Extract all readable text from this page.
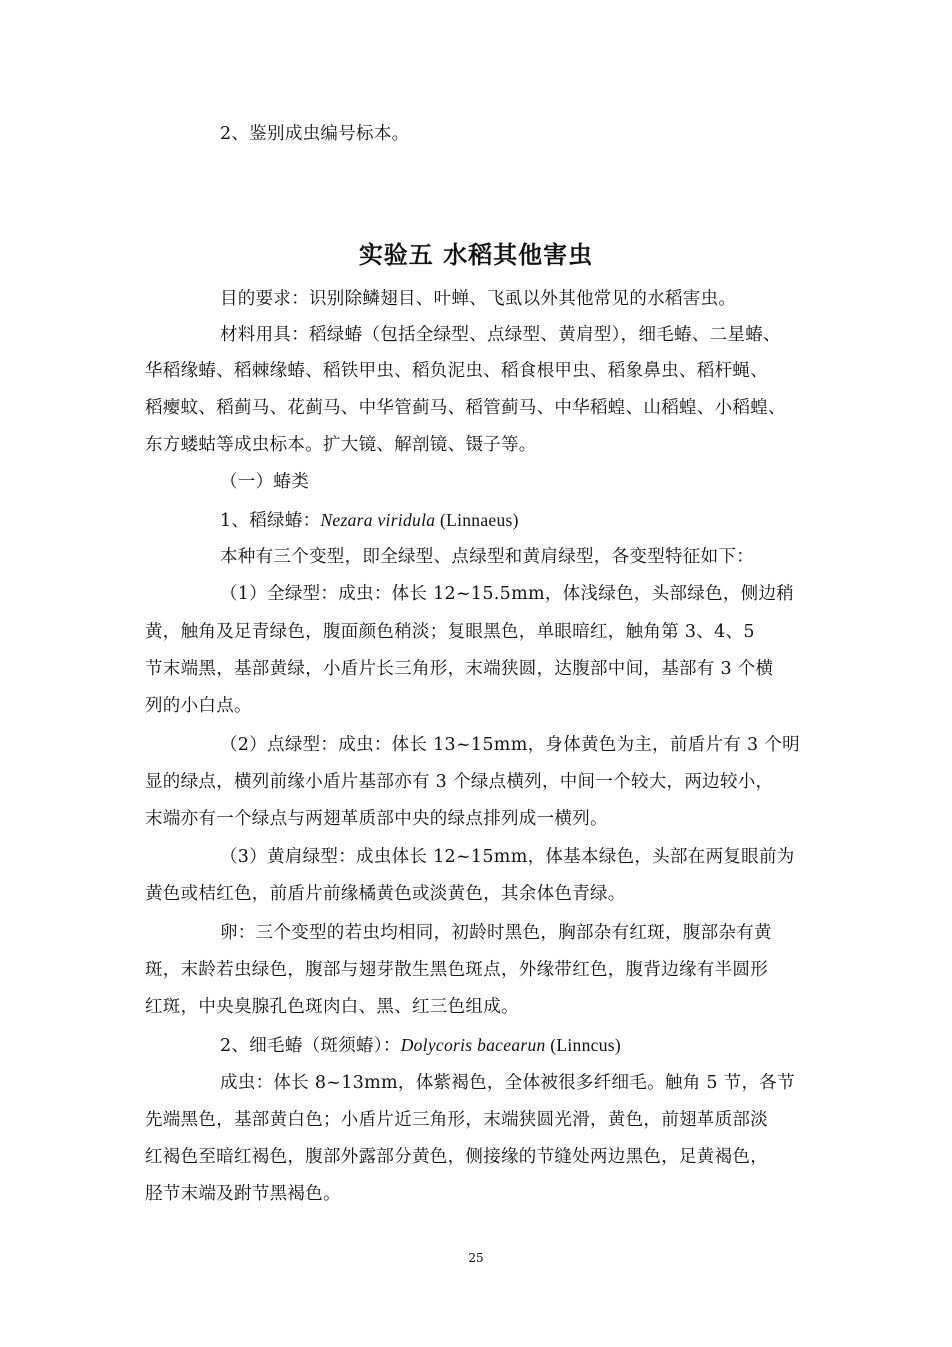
2、鉴别成虫编号标本。
实验五 水稻其他害虫
目的要求：识别除鳞翅目、叶蝉、飞虱以外其他常见的水稻害虫。
材料用具：稻绿蝽（包括全绿型、点绿型、黄肩型），细毛蝽、二星蝽、
华稻缘蝽、稻棘缘蝽、稻铁甲虫、稻负泥虫、稻食根甲虫、稻象鼻虫、稻杆蝇、
稻瘿蚊、稻蓟马、花蓟马、中华管蓟马、稻管蓟马、中华稻蝗、山稻蝗、小稻蝗、
东方蝼蛄等成虫标本。扩大镜、解剖镜、镊子等。
（一）蝽类
1、稻绿蝽：Nezara viridula (Linnaeus)
本种有三个变型，即全绿型、点绿型和黄肩绿型，各变型特征如下：
（1）全绿型：成虫：体长 12~15.5mm，体浅绿色，头部绿色，侧边稍
黄，触角及足青绿色，腹面颜色稍淡；复眼黑色，单眼暗红，触角第 3、4、5
节末端黑，基部黄绿，小盾片长三角形，末端狭圆，达腹部中间，基部有 3 个横
列的小白点。
（2）点绿型：成虫：体长 13~15mm，身体黄色为主，前盾片有 3 个明
显的绿点，横列前缘小盾片基部亦有 3 个绿点横列，中间一个较大，两边较小，
末端亦有一个绿点与两翅革质部中央的绿点排列成一横列。
（3）黄肩绿型：成虫体长 12~15mm，体基本绿色，头部在两复眼前为
黄色或桔红色，前盾片前缘橘黄色或淡黄色，其余体色青绿。
卵：三个变型的若虫均相同，初龄时黑色，胸部杂有红斑，腹部杂有黄
斑，末龄若虫绿色，腹部与翅芽散生黑色斑点，外缘带红色，腹背边缘有半圆形
红斑，中央臭腺孔色斑肉白、黑、红三色组成。
2、细毛蝽（斑须蝽）：Dolycoris bacearun (Linncus)
成虫：体长 8~13mm，体紫褐色，全体被很多纤细毛。触角 5 节，各节
先端黑色，基部黄白色；小盾片近三角形，末端狭圆光滑，黄色，前翅革质部淡
红褐色至暗红褐色，腹部外露部分黄色，侧接缘的节缝处两边黑色，足黄褐色，
胫节末端及跗节黑褐色。
25
